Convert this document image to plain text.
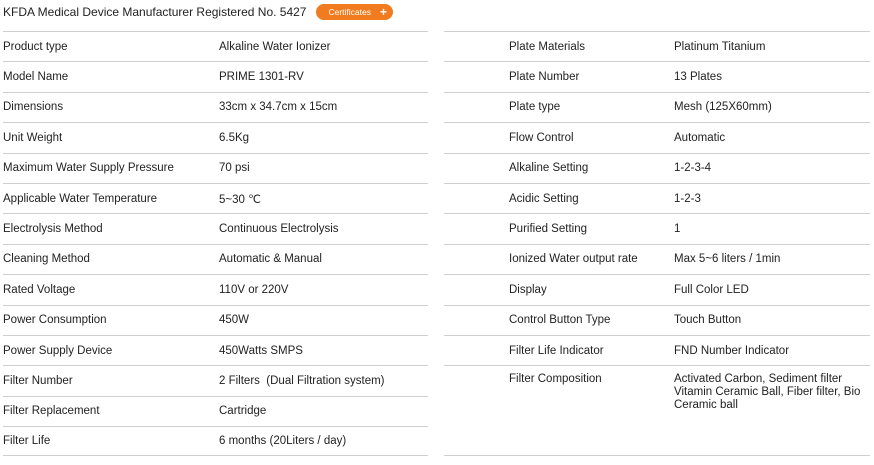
KFDA Medical Device Manufacturer Registered No. 5427	Certificates +
Product type	Alkaline Water Ionizer
Model Name	PRIME 1301-RV
Dimensions	33cm x 34.7cm x 15cm
Unit Weight	6.5Kg
Maximum Water Supply Pressure	70 psi
Applicable Water Temperature	5~30 ℃
Electrolysis Method	Continuous Electrolysis
Cleaning Method	Automatic & Manual
Rated Voltage	110V or 220V
Power Consumption	450W
Power Supply Device	450Watts SMPS
Filter Number	2 Filters  (Dual Filtration system)
Filter Replacement	Cartridge
Filter Life	6 months (20Liters / day)
Plate Materials	Platinum Titanium
Plate Number	13 Plates
Plate type	Mesh (125X60mm)
Flow Control	Automatic
Alkaline Setting	1-2-3-4
Acidic Setting	1-2-3
Purified Setting	1
Ionized Water output rate	Max 5~6 liters / 1min
Display	Full Color LED
Control Button Type	Touch Button
Filter Life Indicator	FND Number Indicator
Filter Composition	Activated Carbon, Sediment filter Vitamin Ceramic Ball, Fiber filter, Bio Ceramic ball
